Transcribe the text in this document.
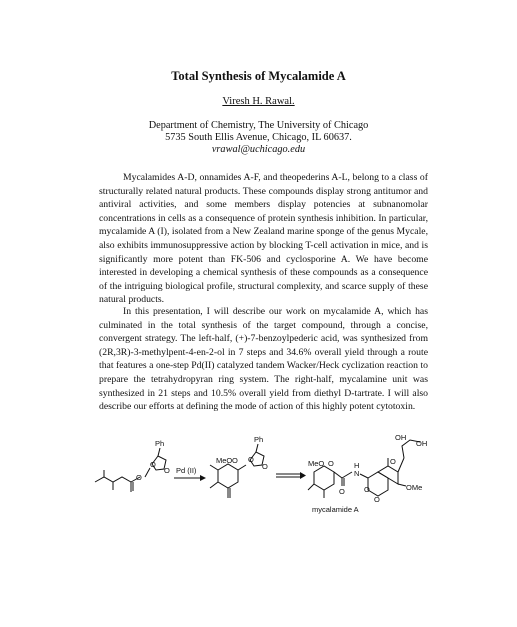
Total Synthesis of Mycalamide A
Viresh H. Rawal.
Department of Chemistry, The University of Chicago
5735 South Ellis Avenue, Chicago, IL 60637.
vrawal@uchicago.edu

Mycalamides A-D, onnamides A-F, and theopederins A-L, belong to a class of structurally related natural products. These compounds display strong antitumor and antiviral activities, and some members display potencies at subnanomolar concentrations in cells as a consequence of protein synthesis inhibition. In particular, mycalamide A (I), isolated from a New Zealand marine sponge of the genus Mycale, also exhibits immunosuppressive action by blocking T-cell activation in mice, and is significantly more potent than FK-506 and cyclosporine A. We have become interested in developing a chemical synthesis of these compounds as a consequence of the intriguing biological profile, structural complexity, and scarce supply of these natural products.

In this presentation, I will describe our work on mycalamide A, which has culminated in the total synthesis of the target compound, through a concise, convergent strategy. The left-half, (+)-7-benzoylpederic acid, was synthesized from (2R,3R)-3-methylpent-4-en-2-ol in 7 steps and 34.6% overall yield through a route that features a one-step Pd(II) catalyzed tandem Wacker/Heck cyclization reaction to prepare the tetrahydropyran ring system. The right-half, mycalamine unit was synthesized in 21 steps and 10.5% overall yield from diethyl D-tartrate. I will also describe our efforts at defining the mode of action of this highly potent cytotoxin.

O
O
O
Ph
Pd (II)
O
MeO O
O
Ph
MeO O
O
N
H
O
O
O
OH
OH
OMe
mycalamide A
